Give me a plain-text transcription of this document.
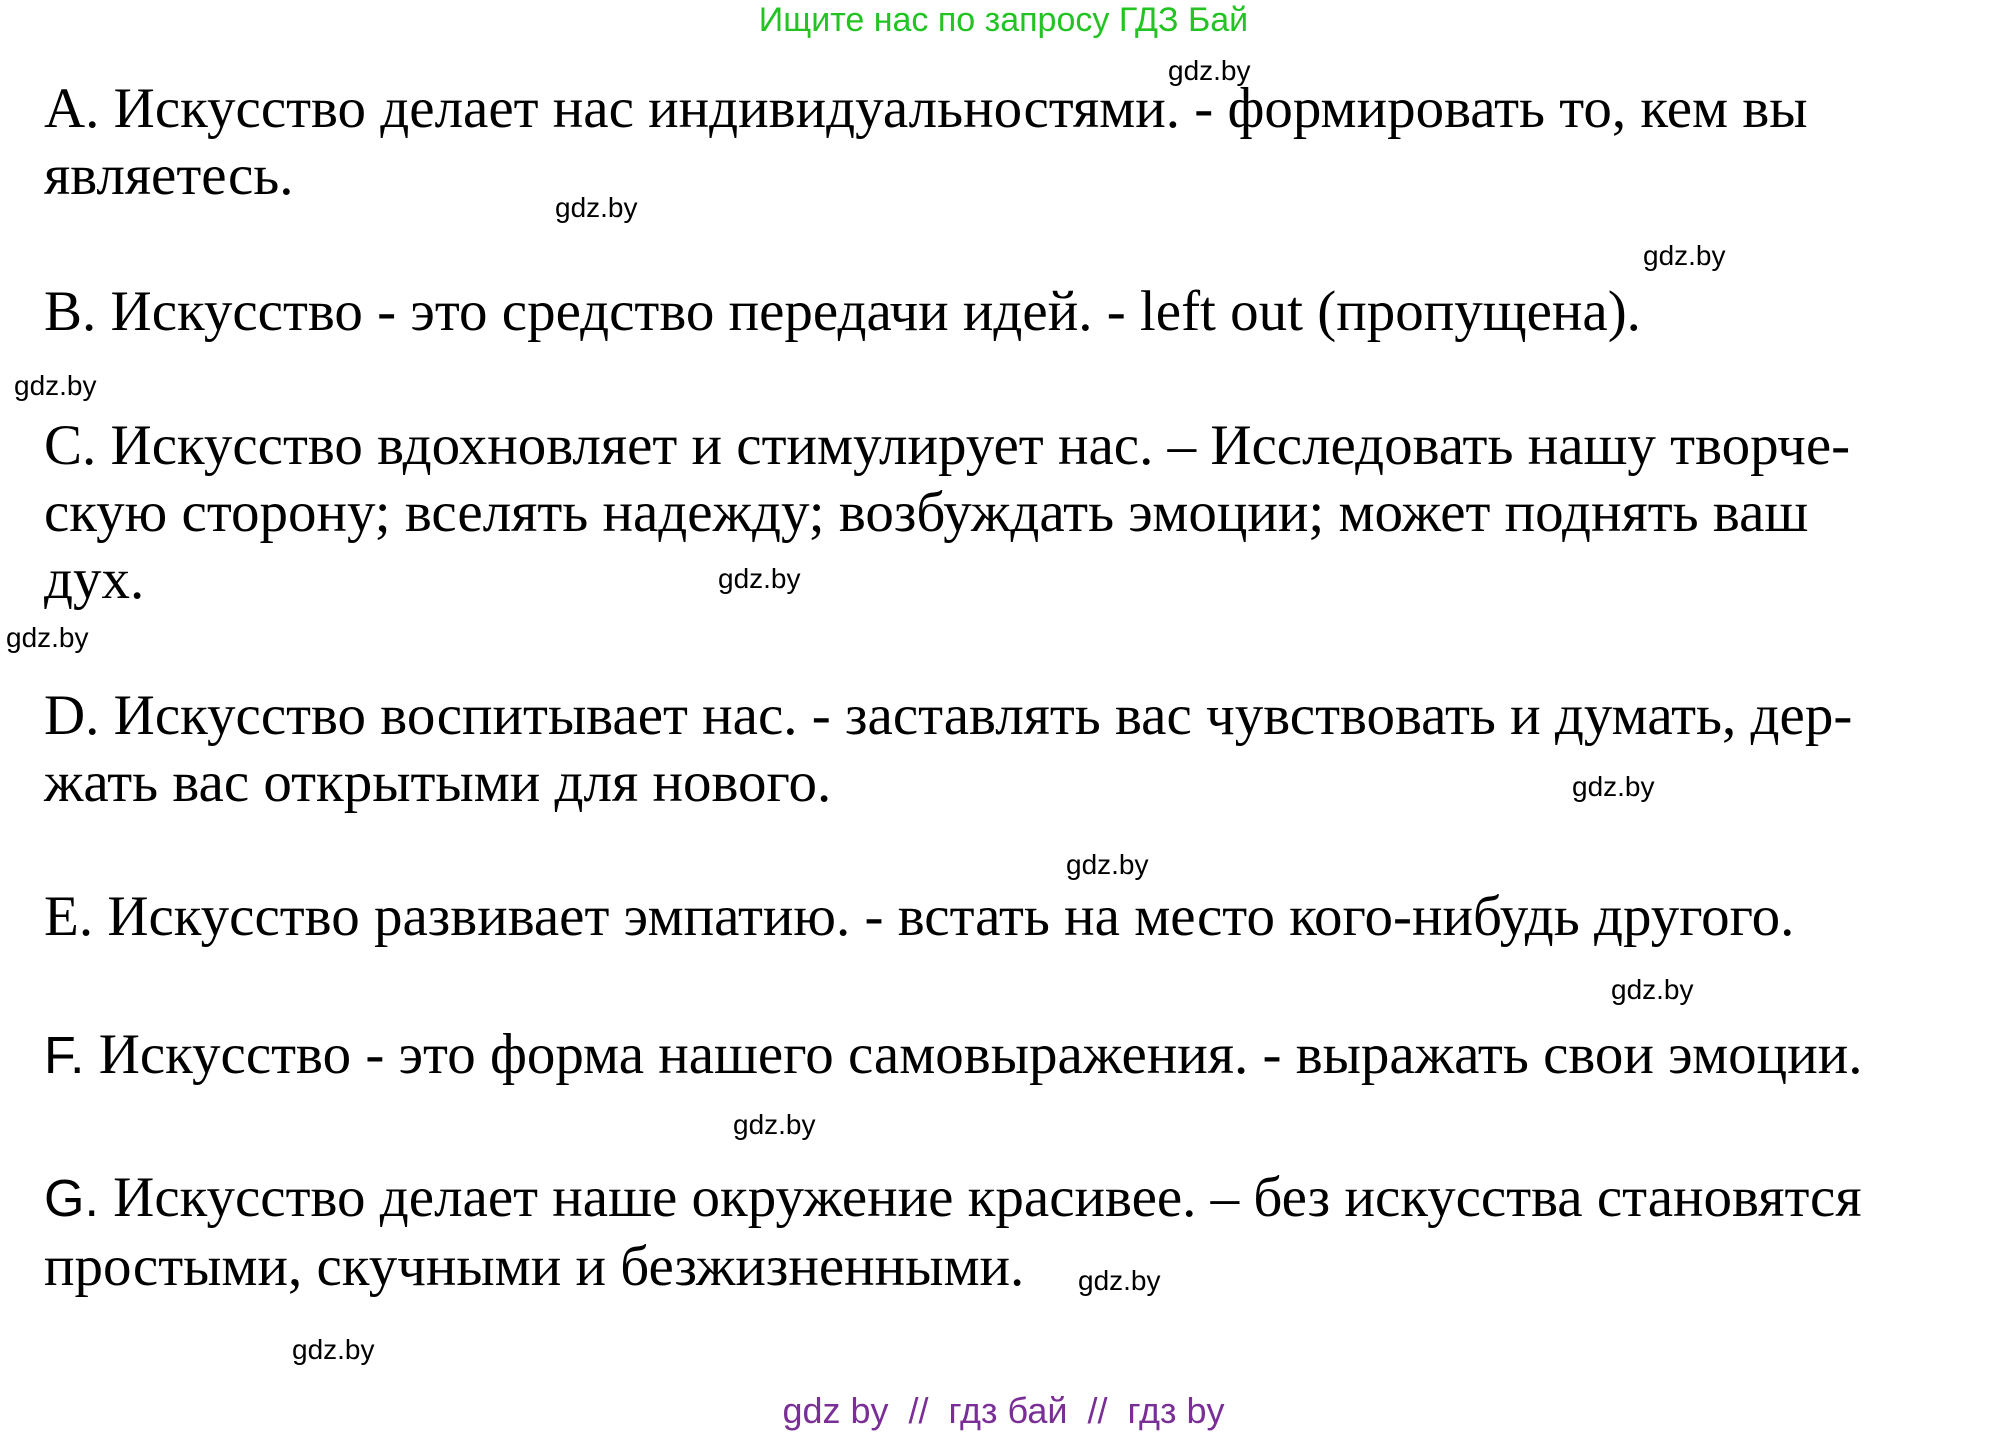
Ищите нас по запросу ГДЗ Бай
gdz.by
gdz.by
gdz.by
gdz.by
gdz.by
gdz.by
gdz.by
gdz.by
gdz.by
gdz.by
gdz.by
gdz.by
A. Искусство делает нас индивидуальностями. - формировать то, кем вы
являетесь.
B. Искусство - это средство передачи идей. - left out (пропущена).
C. Искусство вдохновляет и стимулирует нас. – Исследовать нашу творче-
скую сторону; вселять надежду; возбуждать эмоции; может поднять ваш
дух.
D. Искусство воспитывает нас. - заставлять вас чувствовать и думать, дер-
жать вас открытыми для нового.
E. Искусство развивает эмпатию. - встать на место кого-нибудь другого.
F. Искусство - это форма нашего самовыражения. - выражать свои эмоции.
G. Искусство делает наше окружение красивее. – без искусства становятся
простыми, скучными и безжизненными.
gdz by  //  гдз бай  //  гдз by
